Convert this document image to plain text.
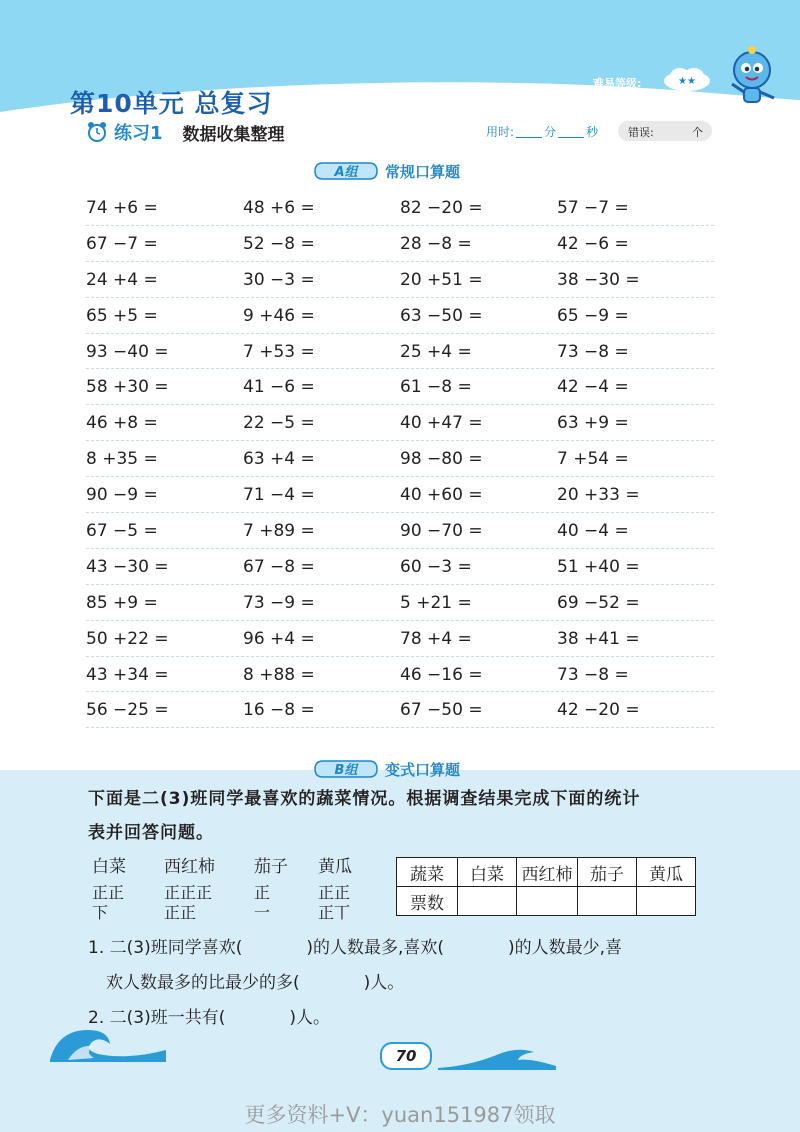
第10单元 总复习
难易等级:	★★
练习1 数据收集整理	用时:	分	秒	错误:	个
A组 常规口算题
74 +6 =	48 +6 =	82 −20 =	57 −7 =
67 −7 =	52 −8 =	28 −8 =	42 −6 =
24 +4 =	30 −3 =	20 +51 =	38 −30 =
65 +5 =	9 +46 =	63 −50 =	65 −9 =
93 −40 =	7 +53 =	25 +4 =	73 −8 =
58 +30 =	41 −6 =	61 −8 =	42 −4 =
46 +8 =	22 −5 =	40 +47 =	63 +9 =
8 +35 =	63 +4 =	98 −80 =	7 +54 =
90 −9 =	71 −4 =	40 +60 =	20 +33 =
67 −5 =	7 +89 =	90 −70 =	40 −4 =
43 −30 =	67 −8 =	60 −3 =	51 +40 =
85 +9 =	73 −9 =	5 +21 =	69 −52 =
50 +22 =	96 +4 =	78 +4 =	38 +41 =
43 +34 =	8 +88 =	46 −16 =	73 −8 =
56 −25 =	16 −8 =	67 −50 =	42 −20 =
B组 变式口算题
下面是二(3)班同学最喜欢的蔬菜情况。根据调查结果完成下面的统计
表并回答问题。
白菜
正正
下
西红柿
正正正
正正
茄子
正
一
黄瓜
正正
正丅
蔬菜	白菜	西红柿	茄子	黄瓜
票数				
1. 二(3)班同学喜欢(	)的人数最多,喜欢(	)的人数最少,喜
欢人数最多的比最少的多(	)人。
2. 二(3)班一共有(	)人。
70
更多资料+V：yuan151987领取
